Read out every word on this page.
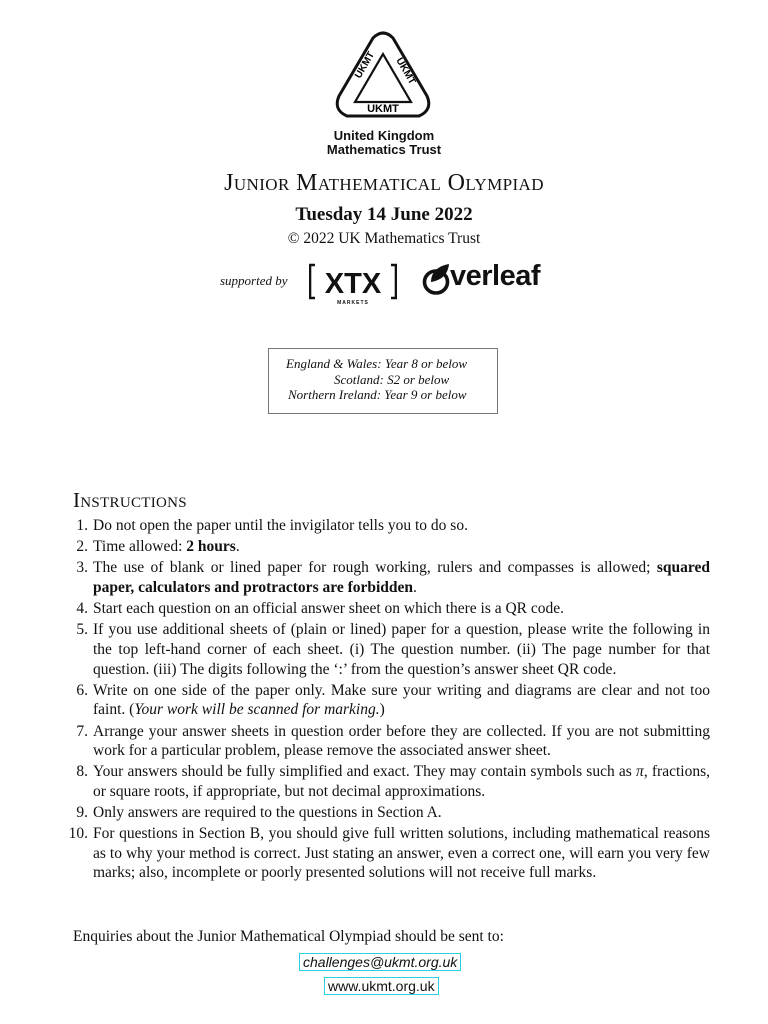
UKMT UKMT
UKMT
United Kingdom
Mathematics Trust
Junior Mathematical Olympiad
Tuesday 14 June 2022
© 2022 UK Mathematics Trust
supported by XTX
MARKETS
verleaf
England & Wales: Year 8 or below
Scotland: S2 or below
Northern Ireland: Year 9 or below
Instructions
1. Do not open the paper until the invigilator tells you to do so.
2. Time allowed: 2 hours.
3. The use of blank or lined paper for rough working, rulers and compasses is allowed; squared paper, calculators and protractors are forbidden.
4. Start each question on an official answer sheet on which there is a QR code.
5. If you use additional sheets of (plain or lined) paper for a question, please write the following in the top left-hand corner of each sheet. (i) The question number. (ii) The page number for that question. (iii) The digits following the ‘:’ from the question’s answer sheet QR code.
6. Write on one side of the paper only. Make sure your writing and diagrams are clear and not too faint. (Your work will be scanned for marking.)
7. Arrange your answer sheets in question order before they are collected. If you are not submitting work for a particular problem, please remove the associated answer sheet.
8. Your answers should be fully simplified and exact. They may contain symbols such as π, fractions, or square roots, if appropriate, but not decimal approximations.
9. Only answers are required to the questions in Section A.
10. For questions in Section B, you should give full written solutions, including mathematical reasons as to why your method is correct. Just stating an answer, even a correct one, will earn you very few marks; also, incomplete or poorly presented solutions will not receive full marks.
Enquiries about the Junior Mathematical Olympiad should be sent to:
challenges@ukmt.org.uk
www.ukmt.org.uk
